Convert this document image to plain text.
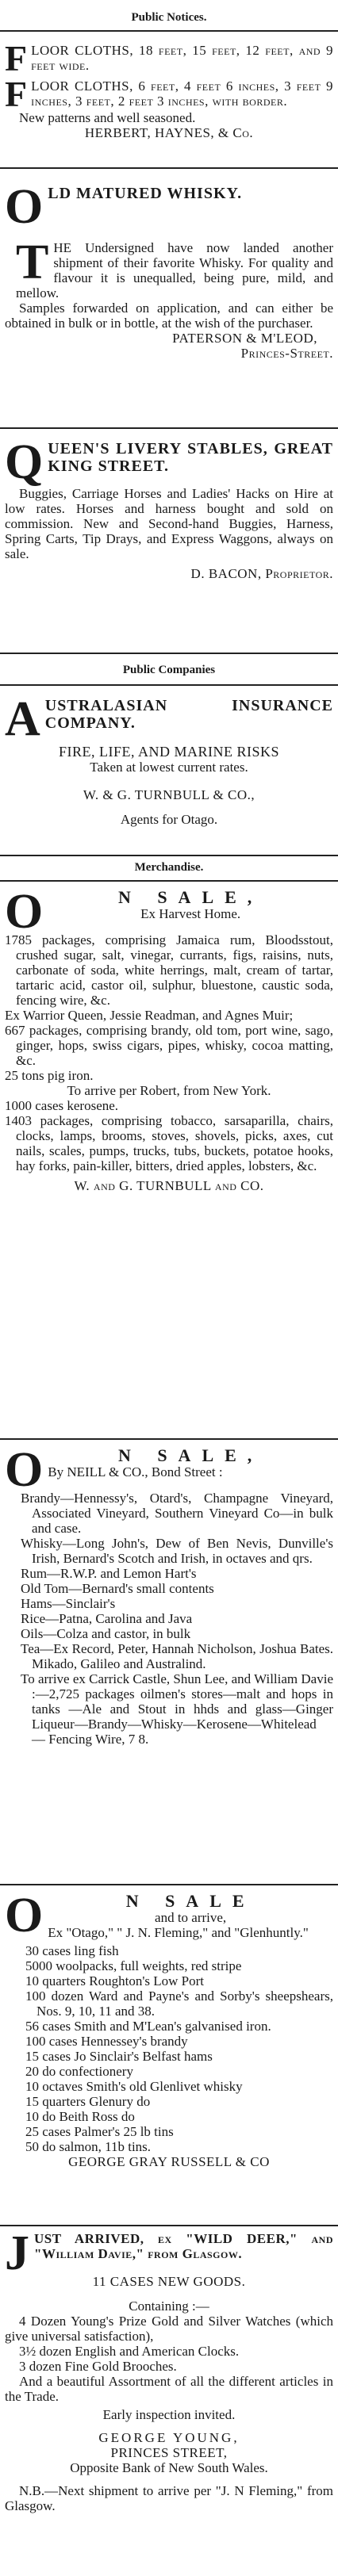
Public Notices.

FLOOR CLOTHS, 18 feet, 15 feet, 12 feet, and 9 feet wide.

FLOOR CLOTHS, 6 feet, 4 feet 6 inches, 3 feet 9 inches, 3 feet, 2 feet 3 inches, with border.

New patterns and well seasoned.

HERBERT, HAYNES, & Co.

OLD MATURED WHISKY.

THE Undersigned have now landed another shipment of their favorite Whisky. For quality and flavour it is unequalled, being pure, mild, and mellow.

Samples forwarded on application, and can either be obtained in bulk or in bottle, at the wish of the purchaser.

PATERSON & M'LEOD,

Princes-Street.

QUEEN'S LIVERY STABLES, GREAT KING STREET.

Buggies, Carriage Horses and Ladies' Hacks on Hire at low rates. Horses and harness bought and sold on commission. New and Second-hand Buggies, Harness, Spring Carts, Tip Drays, and Express Waggons, always on sale.

D. BACON, Proprietor.

Public Companies

AUSTRALASIAN INSURANCE COMPANY.

FIRE, LIFE, AND MARINE RISKS

Taken at lowest current rates.

W. & G. TURNBULL & CO.,

Agents for Otago.

Merchandise.

O	N SALE,

Ex Harvest Home.

1785 packages, comprising Jamaica rum, Bloodsstout, crushed sugar, salt, vinegar, currants, figs, raisins, nuts, carbonate of soda, white herrings, malt, cream of tartar, tartaric acid, castor oil, sulphur, bluestone, caustic soda, fencing wire, &c.

Ex Warrior Queen, Jessie Readman, and Agnes Muir;

667 packages, comprising brandy, old tom, port wine, sago, ginger, hops, swiss cigars, pipes, whisky, cocoa matting, &c.

25 tons pig iron.

To arrive per Robert, from New York.

1000 cases kerosene.

1403 packages, comprising tobacco, sarsaparilla, chairs, clocks, lamps, brooms, stoves, shovels, picks, axes, cut nails, scales, pumps, trucks, tubs, buckets, potatoe hooks, hay forks, pain-killer, bitters, dried apples, lobsters, &c.

W. and G. TURNBULL and CO.

O	N SALE,

By NEILL & CO., Bond Street :

Brandy—Hennessy's, Otard's, Champagne Vineyard, Associated Vineyard, Southern Vineyard Co—in bulk and case.

Whisky—Long John's, Dew of Ben Nevis, Dunville's Irish, Bernard's Scotch and Irish, in octaves and qrs.

Rum—R.W.P. and Lemon Hart's

Old Tom—Bernard's small contents

Hams—Sinclair's

Rice—Patna, Carolina and Java

Oils—Colza and castor, in bulk

Tea—Ex Record, Peter, Hannah Nicholson, Joshua Bates. Mikado, Galileo and Australind.

To arrive ex Carrick Castle, Shun Lee, and William Davie :—2,725 packages oilmen's stores—malt and hops in tanks —Ale and Stout in hhds and glass—Ginger Liqueur—Brandy—Whisky—Kerosene—Whitelead — Fencing Wire, 7 8.

O	N SALE

and to arrive,

Ex "Otago," " J. N. Fleming," and "Glenhuntly."

30 cases ling fish

5000 woolpacks, full weights, red stripe

10 quarters Roughton's Low Port

100 dozen Ward and Payne's and Sorby's sheepshears, Nos. 9, 10, 11 and 38.

56 cases Smith and M'Lean's galvanised iron.

100 cases Hennessey's brandy

15 cases Jo Sinclair's Belfast hams

20 do confectionery

10 octaves Smith's old Glenlivet whisky

15 quarters Glenury do

10 do Beith Ross do

25 cases Palmer's 25 lb tins

50 do salmon, 11b tins.

GEORGE GRAY RUSSELL & CO

JUST ARRIVED, ex "WILD DEER," and "William Davie," from Glasgow.

11 CASES NEW GOODS.

Containing :—

4 Dozen Young's Prize Gold and Silver Watches (which give universal satisfaction),

3½ dozen English and American Clocks.

3 dozen Fine Gold Brooches.

And a beautiful Assortment of all the different articles in the Trade.

Early inspection invited.

GEORGE YOUNG,

PRINCES STREET,

Opposite Bank of New South Wales.

N.B.—Next shipment to arrive per "J. N Fleming," from Glasgow.
